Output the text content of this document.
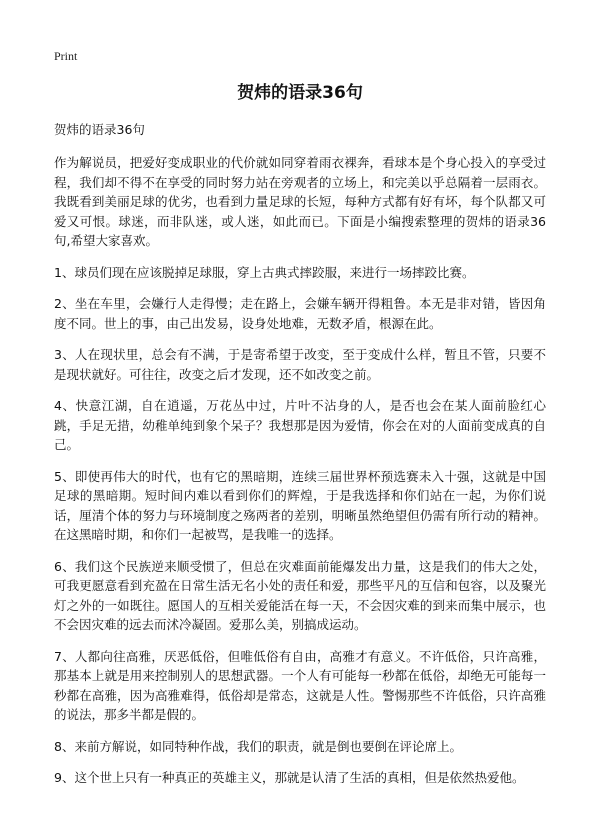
Print
贺炜的语录36句

贺炜的语录36句

作为解说员，把爱好变成职业的代价就如同穿着雨衣裸奔，看球本是个身心投入的享受过程，我们却不得不在享受的同时努力站在旁观者的立场上，和完美以乎总隔着一层雨衣。我既看到美丽足球的优劣，也看到力量足球的长短，每种方式都有好有坏，每个队都又可爱又可恨。球迷，而非队迷，或人迷，如此而已。下面是小编搜索整理的贺炜的语录36句,希望大家喜欢。

1、球员们现在应该脱掉足球服，穿上古典式摔跤服，来进行一场摔跤比赛。

2、坐在车里，会嫌行人走得慢；走在路上，会嫌车辆开得粗鲁。本无是非对错，皆因角度不同。世上的事，由己出发易，设身处地难，无数矛盾，根源在此。

3、人在现状里，总会有不满，于是寄希望于改变，至于变成什么样，暂且不管，只要不是现状就好。可往往，改变之后才发现，还不如改变之前。

4、快意江湖，自在逍遥，万花丛中过，片叶不沾身的人，是否也会在某人面前脸红心跳，手足无措，幼稚单纯到象个呆子？我想那是因为爱情，你会在对的人面前变成真的自己。

5、即使再伟大的时代，也有它的黑暗期，连续三届世界杯预选赛未入十强，这就是中国足球的黑暗期。短时间内难以看到你们的辉煌，于是我选择和你们站在一起，为你们说话，厘清个体的努力与环境制度之殇两者的差别，明晰虽然绝望但仍需有所行动的精神。在这黑暗时期，和你们一起被骂，是我唯一的选择。

6、我们这个民族逆来顺受惯了，但总在灾难面前能爆发出力量，这是我们的伟大之处，可我更愿意看到充盈在日常生活无名小处的责任和爱，那些平凡的互信和包容，以及聚光灯之外的一如既往。愿国人的互相关爱能活在每一天，不会因灾难的到来而集中展示，也不会因灾难的远去而沭冷凝固。爱那么美，别搞成运动。

7、人都向往高雅，厌恶低俗，但唯低俗有自由，高雅才有意义。不许低俗，只许高雅，那基本上就是用来控制别人的思想武器。一个人有可能每一秒都在低俗，却绝无可能每一秒都在高雅，因为高雅难得，低俗却是常态，这就是人性。警惕那些不许低俗，只许高雅的说法，那多半都是假的。

8、来前方解说，如同特种作战，我们的职责，就是倒也要倒在评论席上。

9、这个世上只有一种真正的英雄主义，那就是认清了生活的真相，但是依然热爱他。
